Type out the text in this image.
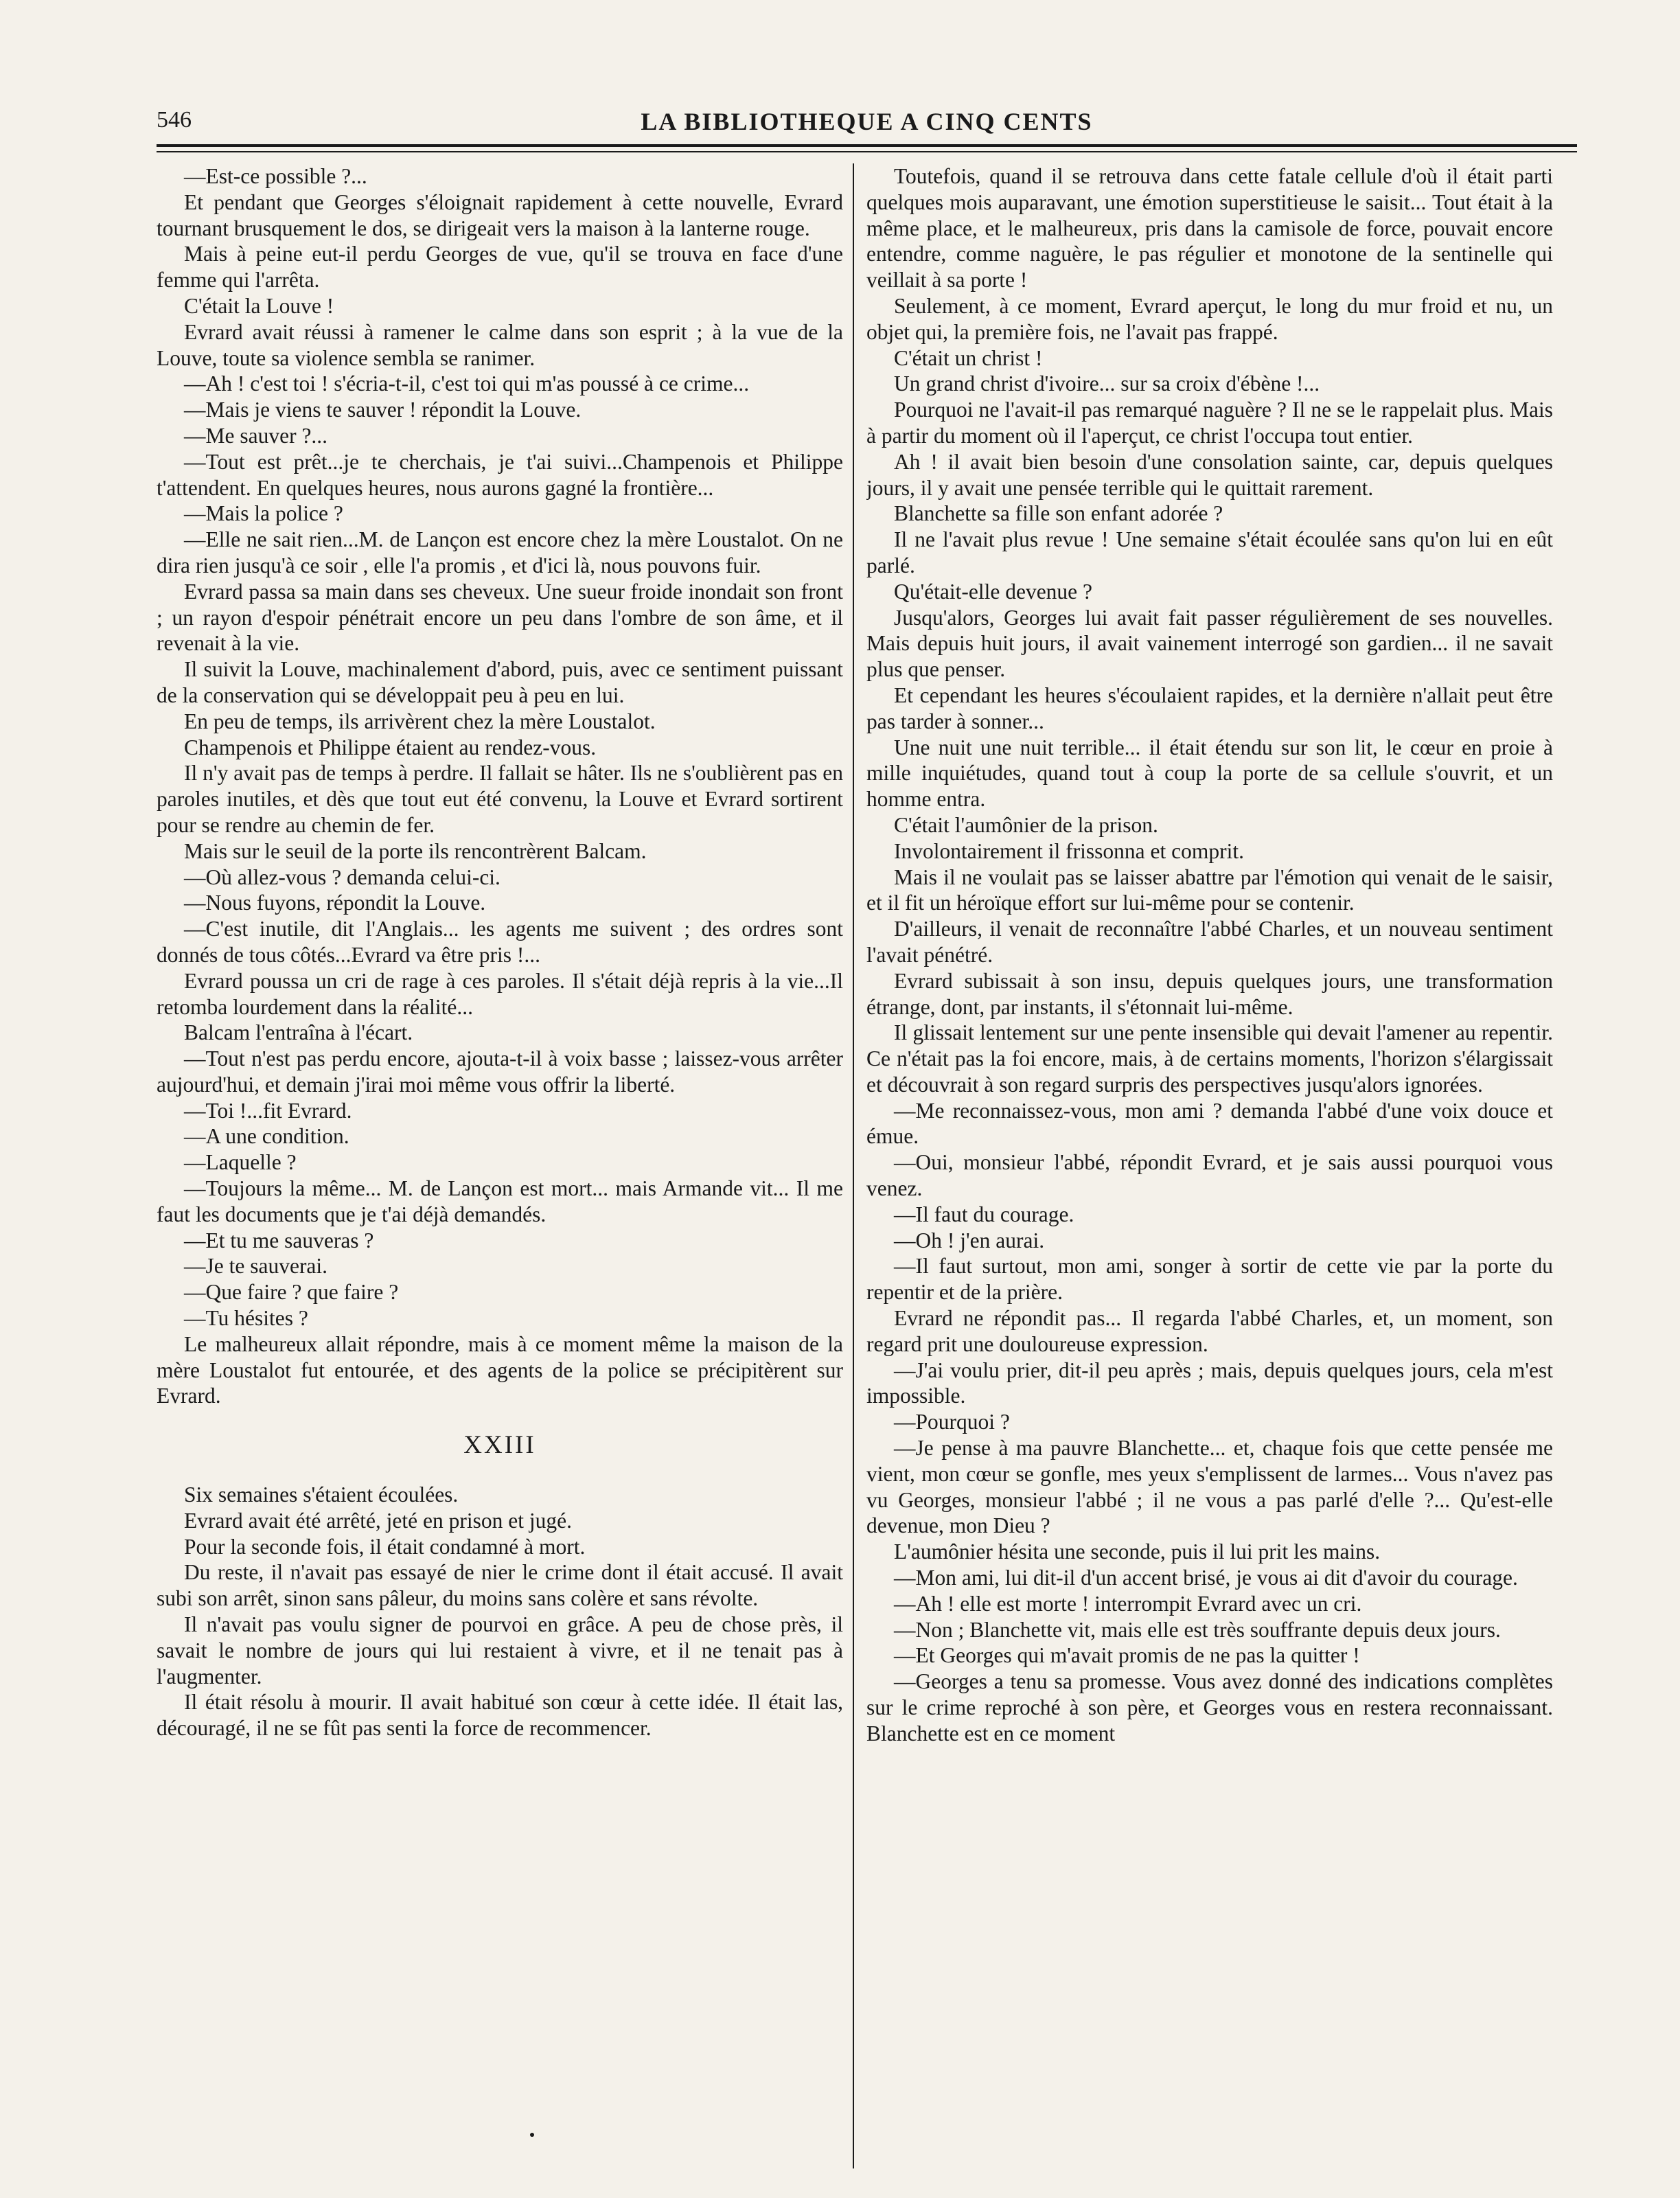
546	LA BIBLIOTHEQUE A CINQ CENTS

—Est-ce possible ?...

Et pendant que Georges s'éloignait rapidement à cette nouvelle, Evrard tournant brusquement le dos, se dirigeait vers la maison à la lanterne rouge.

Mais à peine eut-il perdu Georges de vue, qu'il se trouva en face d'une femme qui l'arrêta.

C'était la Louve !

Evrard avait réussi à ramener le calme dans son esprit ; à la vue de la Louve, toute sa violence sembla se ranimer.

—Ah ! c'est toi ! s'écria-t-il, c'est toi qui m'as poussé à ce crime...

—Mais je viens te sauver ! répondit la Louve.

—Me sauver ?...

—Tout est prêt...je te cherchais, je t'ai suivi...Champenois et Philippe t'attendent. En quelques heures, nous aurons gagné la frontière...

—Mais la police ?

—Elle ne sait rien...M. de Lançon est encore chez la mère Loustalot. On ne dira rien jusqu'à ce soir , elle l'a promis , et d'ici là, nous pouvons fuir.

Evrard passa sa main dans ses cheveux. Une sueur froide inondait son front ; un rayon d'espoir pénétrait encore un peu dans l'ombre de son âme, et il revenait à la vie.

Il suivit la Louve, machinalement d'abord, puis, avec ce sentiment puissant de la conservation qui se développait peu à peu en lui.

En peu de temps, ils arrivèrent chez la mère Loustalot.

Champenois et Philippe étaient au rendez-vous.

Il n'y avait pas de temps à perdre. Il fallait se hâter. Ils ne s'oublièrent pas en paroles inutiles, et dès que tout eut été convenu, la Louve et Evrard sortirent pour se rendre au chemin de fer.

Mais sur le seuil de la porte ils rencontrèrent Balcam.

—Où allez-vous ? demanda celui-ci.

—Nous fuyons, répondit la Louve.

—C'est inutile, dit l'Anglais... les agents me suivent ; des ordres sont donnés de tous côtés...Evrard va être pris !...

Evrard poussa un cri de rage à ces paroles. Il s'était déjà repris à la vie...Il retomba lourdement dans la réalité...

Balcam l'entraîna à l'écart.

—Tout n'est pas perdu encore, ajouta-t-il à voix basse ; laissez-vous arrêter aujourd'hui, et demain j'irai moi même vous offrir la liberté.

—Toi !...fit Evrard.

—A une condition.

—Laquelle ?

—Toujours la même... M. de Lançon est mort... mais Armande vit... Il me faut les documents que je t'ai déjà demandés.

—Et tu me sauveras ?

—Je te sauverai.

—Que faire ? que faire ?

—Tu hésites ?

Le malheureux allait répondre, mais à ce moment même la maison de la mère Loustalot fut entourée, et des agents de la police se précipitèrent sur Evrard.

XXIII

Six semaines s'étaient écoulées.

Evrard avait été arrêté, jeté en prison et jugé.

Pour la seconde fois, il était condamné à mort.

Du reste, il n'avait pas essayé de nier le crime dont il était accusé. Il avait subi son arrêt, sinon sans pâleur, du moins sans colère et sans révolte.

Il n'avait pas voulu signer de pourvoi en grâce. A peu de chose près, il savait le nombre de jours qui lui restaient à vivre, et il ne tenait pas à l'augmenter.

Il était résolu à mourir. Il avait habitué son cœur à cette idée. Il était las, découragé, il ne se fût pas senti la force de recommencer.

Toutefois, quand il se retrouva dans cette fatale cellule d'où il était parti quelques mois auparavant, une émotion superstitieuse le saisit... Tout était à la même place, et le malheureux, pris dans la camisole de force, pouvait encore entendre, comme naguère, le pas régulier et monotone de la sentinelle qui veillait à sa porte !

Seulement, à ce moment, Evrard aperçut, le long du mur froid et nu, un objet qui, la première fois, ne l'avait pas frappé.

C'était un christ !

Un grand christ d'ivoire... sur sa croix d'ébène !...

Pourquoi ne l'avait-il pas remarqué naguère ? Il ne se le rappelait plus. Mais à partir du moment où il l'aperçut, ce christ l'occupa tout entier.

Ah ! il avait bien besoin d'une consolation sainte, car, depuis quelques jours, il y avait une pensée terrible qui le quittait rarement.

Blanchette sa fille son enfant adorée ?

Il ne l'avait plus revue ! Une semaine s'était écoulée sans qu'on lui en eût parlé.

Qu'était-elle devenue ?

Jusqu'alors, Georges lui avait fait passer régulièrement de ses nouvelles. Mais depuis huit jours, il avait vainement interrogé son gardien... il ne savait plus que penser.

Et cependant les heures s'écoulaient rapides, et la dernière n'allait peut être pas tarder à sonner...

Une nuit une nuit terrible... il était étendu sur son lit, le cœur en proie à mille inquiétudes, quand tout à coup la porte de sa cellule s'ouvrit, et un homme entra.

C'était l'aumônier de la prison.

Involontairement il frissonna et comprit.

Mais il ne voulait pas se laisser abattre par l'émotion qui venait de le saisir, et il fit un héroïque effort sur lui-même pour se contenir.

D'ailleurs, il venait de reconnaître l'abbé Charles, et un nouveau sentiment l'avait pénétré.

Evrard subissait à son insu, depuis quelques jours, une transformation étrange, dont, par instants, il s'étonnait lui-même.

Il glissait lentement sur une pente insensible qui devait l'amener au repentir. Ce n'était pas la foi encore, mais, à de certains moments, l'horizon s'élargissait et découvrait à son regard surpris des perspectives jusqu'alors ignorées.

—Me reconnaissez-vous, mon ami ? demanda l'abbé d'une voix douce et émue.

—Oui, monsieur l'abbé, répondit Evrard, et je sais aussi pourquoi vous venez.

—Il faut du courage.

—Oh ! j'en aurai.

—Il faut surtout, mon ami, songer à sortir de cette vie par la porte du repentir et de la prière.

Evrard ne répondit pas... Il regarda l'abbé Charles, et, un moment, son regard prit une douloureuse expression.

—J'ai voulu prier, dit-il peu après ; mais, depuis quelques jours, cela m'est impossible.

—Pourquoi ?

—Je pense à ma pauvre Blanchette... et, chaque fois que cette pensée me vient, mon cœur se gonfle, mes yeux s'emplissent de larmes... Vous n'avez pas vu Georges, monsieur l'abbé ; il ne vous a pas parlé d'elle ?... Qu'est-elle devenue, mon Dieu ?

L'aumônier hésita une seconde, puis il lui prit les mains.

—Mon ami, lui dit-il d'un accent brisé, je vous ai dit d'avoir du courage.

—Ah ! elle est morte ! interrompit Evrard avec un cri.

—Non ; Blanchette vit, mais elle est très souffrante depuis deux jours.

—Et Georges qui m'avait promis de ne pas la quitter !

—Georges a tenu sa promesse. Vous avez donné des indications complètes sur le crime reproché à son père, et Georges vous en restera reconnaissant. Blanchette est en ce moment
